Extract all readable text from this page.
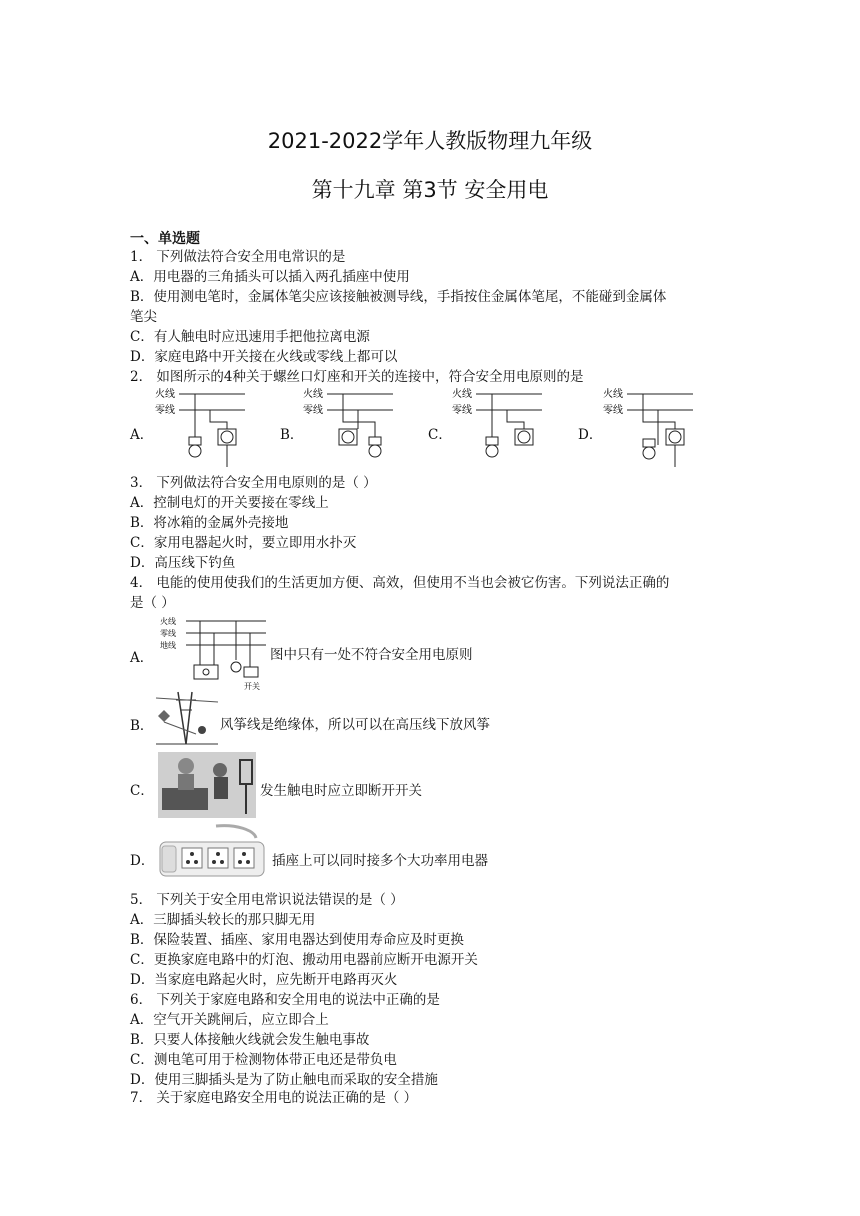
2021-2022学年人教版物理九年级
第十九章 第3节 安全用电
一、单选题
1． 下列做法符合安全用电常识的是
A．用电器的三角插头可以插入两孔插座中使用
B．使用测电笔时，金属体笔尖应该接触被测导线，手指按住金属体笔尾，不能碰到金属体
笔尖
C．有人触电时应迅速用手把他拉离电源
D．家庭电路中开关接在火线或零线上都可以
2． 如图所示的4种关于螺丝口灯座和开关的连接中，符合安全用电原则的是
A．	B．	C．	D．
火线
零线
火线
零线
火线
零线
火线
零线
3． 下列做法符合安全用电原则的是（ ）
A．控制电灯的开关要接在零线上
B．将冰箱的金属外壳接地
C．家用电器起火时，要立即用水扑灭
D．高压线下钓鱼
4． 电能的使用使我们的生活更加方便、高效，但使用不当也会被它伤害。下列说法正确的
是（ ）
A．
火线
零线
地线
开关
图中只有一处不符合安全用电原则
B．	风筝线是绝缘体，所以可以在高压线下放风筝
C．	发生触电时应立即断开开关
D．	插座上可以同时接多个大功率用电器
5． 下列关于安全用电常识说法错误的是（ ）
A．三脚插头较长的那只脚无用
B．保险装置、插座、家用电器达到使用寿命应及时更换
C．更换家庭电路中的灯泡、搬动用电器前应断开电源开关
D．当家庭电路起火时，应先断开电路再灭火
6． 下列关于家庭电路和安全用电的说法中正确的是
A．空气开关跳闸后，应立即合上
B．只要人体接触火线就会发生触电事故
C．测电笔可用于检测物体带正电还是带负电
D．使用三脚插头是为了防止触电而采取的安全措施
7． 关于家庭电路安全用电的说法正确的是（ ）
